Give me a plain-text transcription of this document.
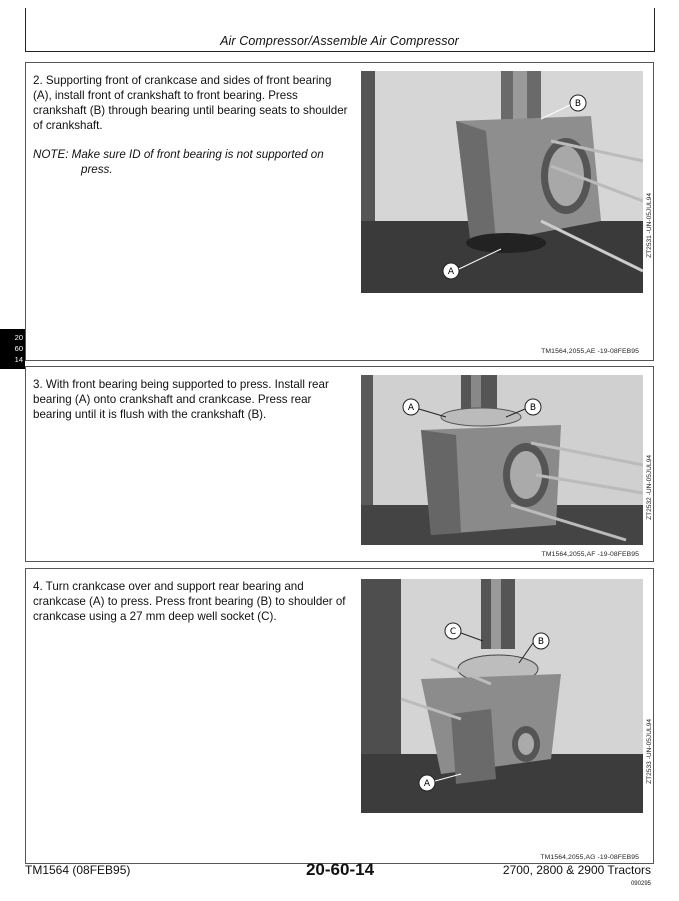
Air Compressor/Assemble Air Compressor
20
60
14
2. Supporting front of crankcase and sides of front bearing (A), install front of crankshaft to front bearing. Press crankshaft (B) through bearing until bearing seats to shoulder of crankshaft.
NOTE: Make sure ID of front bearing is not supported on
press.
B
A
ZT2531 -UN-05JUL94
TM1564,2055,AE -19-08FEB95
3. With front bearing being supported to press. Install rear bearing (A) onto crankshaft and crankcase. Press rear bearing until it is flush with the crankshaft (B).	A	B
ZT2532 -UN-05JUL94
TM1564,2055,AF -19-08FEB95
4. Turn crankcase over and support rear bearing and crankcase (A) to press. Press front bearing (B) to shoulder of crankcase using a 27 mm deep well socket (C).
C
B
A
ZT2533 -UN-05JUL94
TM1564,2055,AG -19-08FEB95
TM1564 (08FEB95)	20-60-14	2700, 2800 & 2900 Tractors
090295
